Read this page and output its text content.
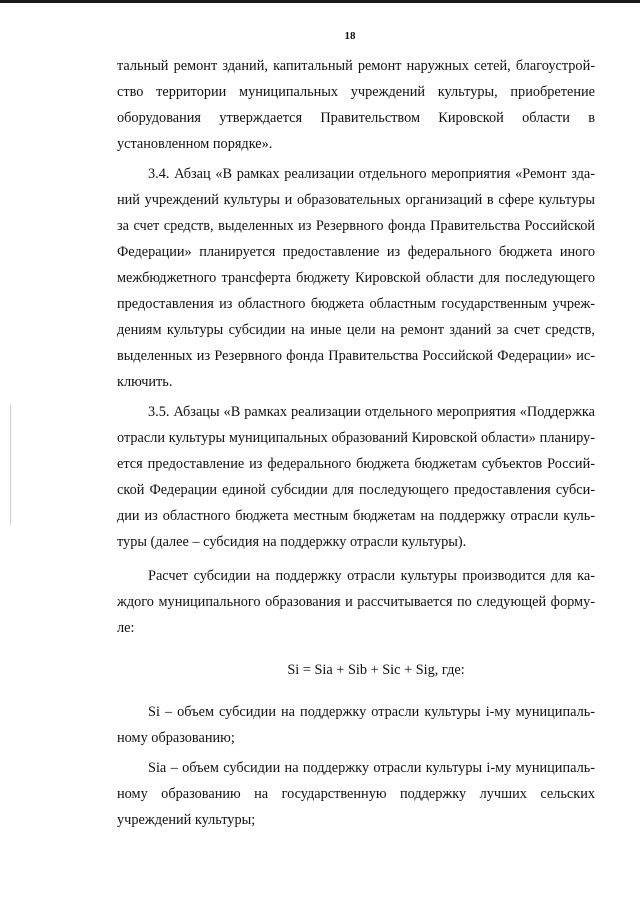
18

тальный ремонт зданий, капитальный ремонт наружных сетей, благоустройство территории муниципальных учреждений культуры, приобретение оборудования утверждается Правительством Кировской области в установленном порядке».

3.4. Абзац «В рамках реализации отдельного мероприятия «Ремонт зданий учреждений культуры и образовательных организаций в сфере культуры за счет средств, выделенных из Резервного фонда Правительства Российской Федерации» планируется предоставление из федерального бюджета иного межбюджетного трансферта бюджету Кировской области для последующего предоставления из областного бюджета областным государственным учреждениям культуры субсидии на иные цели на ремонт зданий за счет средств, выделенных из Резервного фонда Правительства Российской Федерации» исключить.

3.5. Абзацы «В рамках реализации отдельного мероприятия «Поддержка отрасли культуры муниципальных образований Кировской области» планируется предоставление из федерального бюджета бюджетам субъектов Российской Федерации единой субсидии для последующего предоставления субсидии из областного бюджета местным бюджетам на поддержку отрасли культуры (далее – субсидия на поддержку отрасли культуры).

Расчет субсидии на поддержку отрасли культуры производится для каждого муниципального образования и рассчитывается по следующей формуле:

Si = Sia + Sib + Sic + Sig, где:

Si – объем субсидии на поддержку отрасли культуры i-му муниципальному образованию;

Sia – объем субсидии на поддержку отрасли культуры i-му муниципальному образованию на государственную поддержку лучших сельских учреждений культуры;
